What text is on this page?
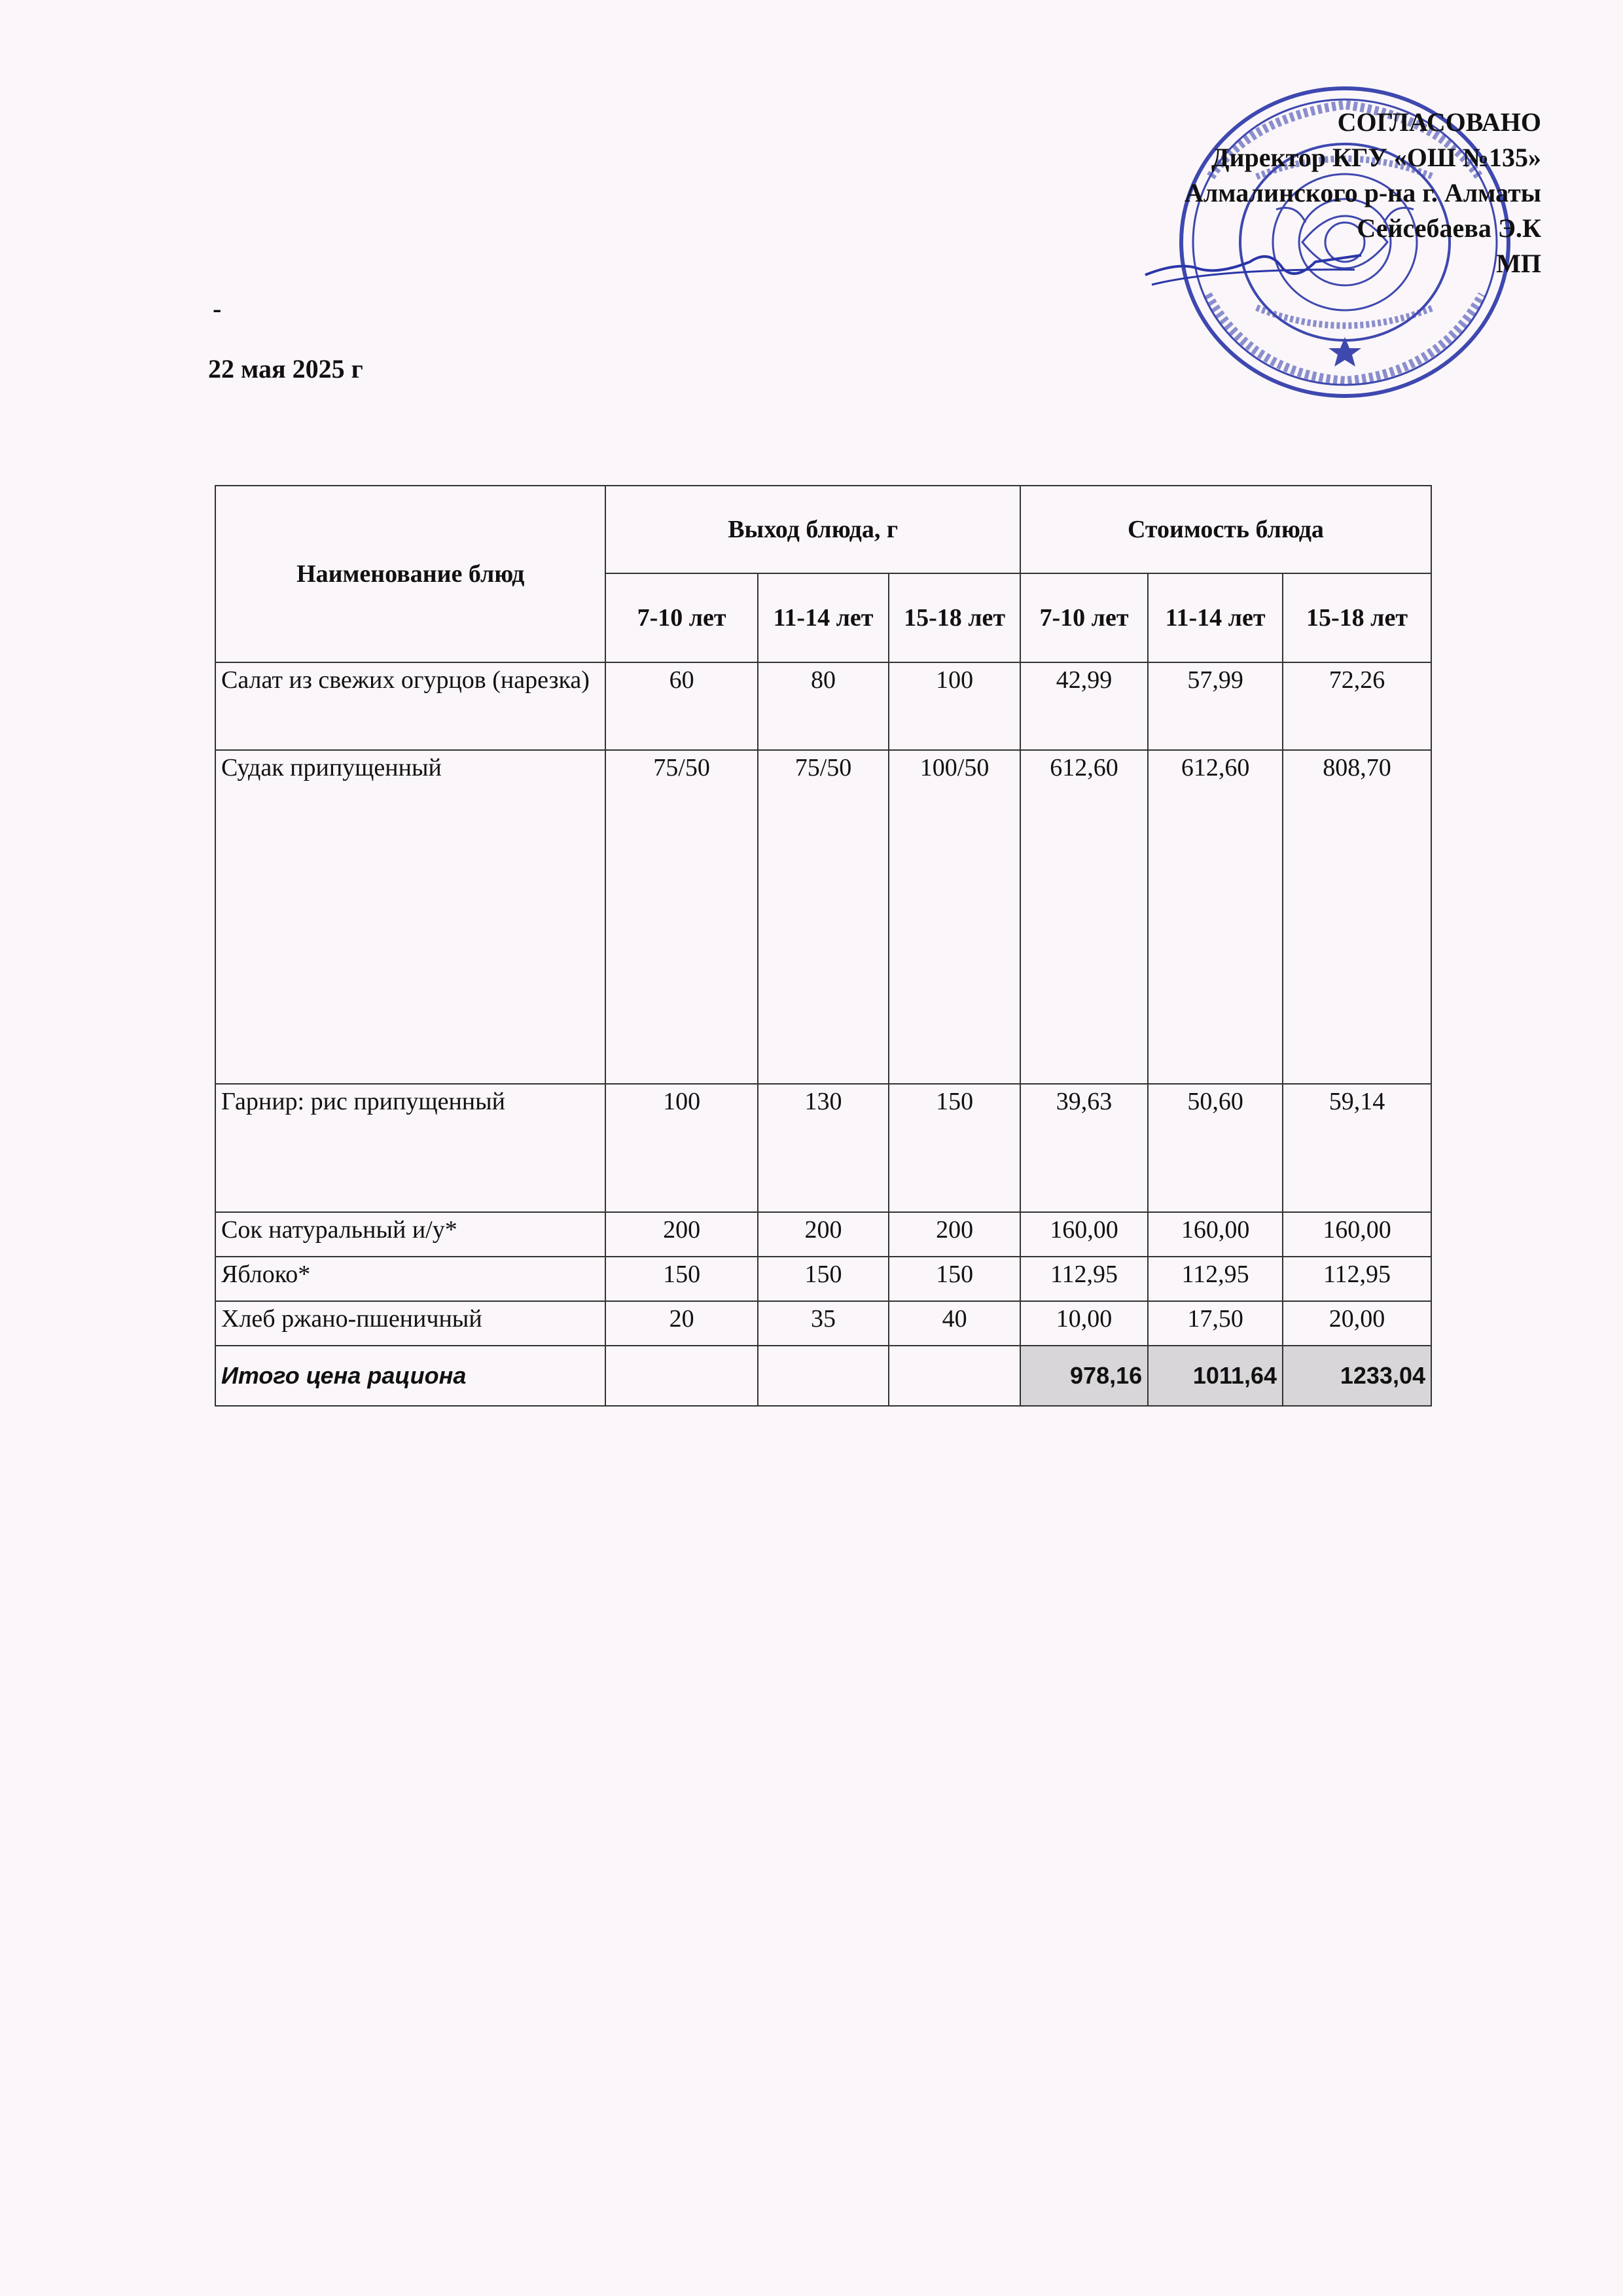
СОГЛАСОВАНО
Директор КГУ «ОШ №135»
Алмалинского р-на г. Алматы
Сейсебаева Э.К
МП
-
22 мая 2025 г
Наименование блюд	Выход блюда, г			Стоимость блюда		
	7-10 лет	11-14 лет	15-18 лет	7-10 лет	11-14 лет	15-18 лет
Салат из свежих огурцов (нарезка)	60	80	100	42,99	57,99	72,26
Судак припущенный	75/50	75/50	100/50	612,60	612,60	808,70
Гарнир: рис припущенный	100	130	150	39,63	50,60	59,14
Сок натуральный и/у*	200	200	200	160,00	160,00	160,00
Яблоко*	150	150	150	112,95	112,95	112,95
Хлеб ржано-пшеничный	20	35	40	10,00	17,50	20,00
Итого цена рациона				978,16	1011,64	1233,04
